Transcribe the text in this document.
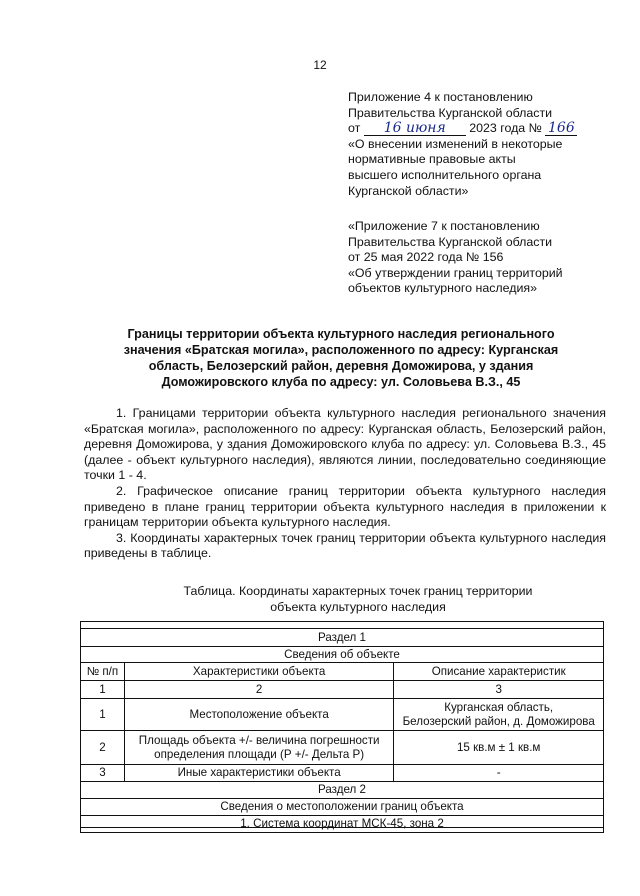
12
Приложение 4 к постановлению
Правительства Курганской области
от 16 июня 2023 года № 166
«О внесении изменений в некоторые
нормативные правовые акты
высшего исполнительного органа
Курганской области»
«Приложение 7 к постановлению
Правительства Курганской области
от 25 мая 2022 года № 156
«Об утверждении границ территорий
объектов культурного наследия»
Границы территории объекта культурного наследия регионального
значения «Братская могила», расположенного по адресу: Курганская
область, Белозерский район, деревня Доможирова, у здания
Доможировского клуба по адресу: ул. Соловьева В.З., 45

1. Границами территории объекта культурного наследия регионального значения «Братская могила», расположенного по адресу: Курганская область, Белозерский район, деревня Доможирова, у здания Доможировского клуба по адресу: ул. Соловьева В.З., 45 (далее - объект культурного наследия), являются линии, последовательно соединяющие точки 1 - 4.

2. Графическое описание границ территории объекта культурного наследия приведено в плане границ территории объекта культурного наследия в приложении к границам территории объекта культурного наследия.

3. Координаты характерных точек границ территории объекта культурного наследия приведены в таблице.

Таблица. Координаты характерных точек границ территории
объекта культурного наследия
Раздел 1		
Сведения об объекте		
№ п/п	Характеристики объекта	Описание характеристик
1	2	3
1	Местоположение объекта	Курганская область,
Белозерский район, д. Доможирова

2	Площадь объекта +/- величина погрешности
определения площади (Р +/- Дельта Р)	15 кв.м ± 1 кв.м
3	Иные характеристики объекта	-
Раздел 2		
Сведения о местоположении границ объекта		
1. Система координат МСК-45, зона 2		
